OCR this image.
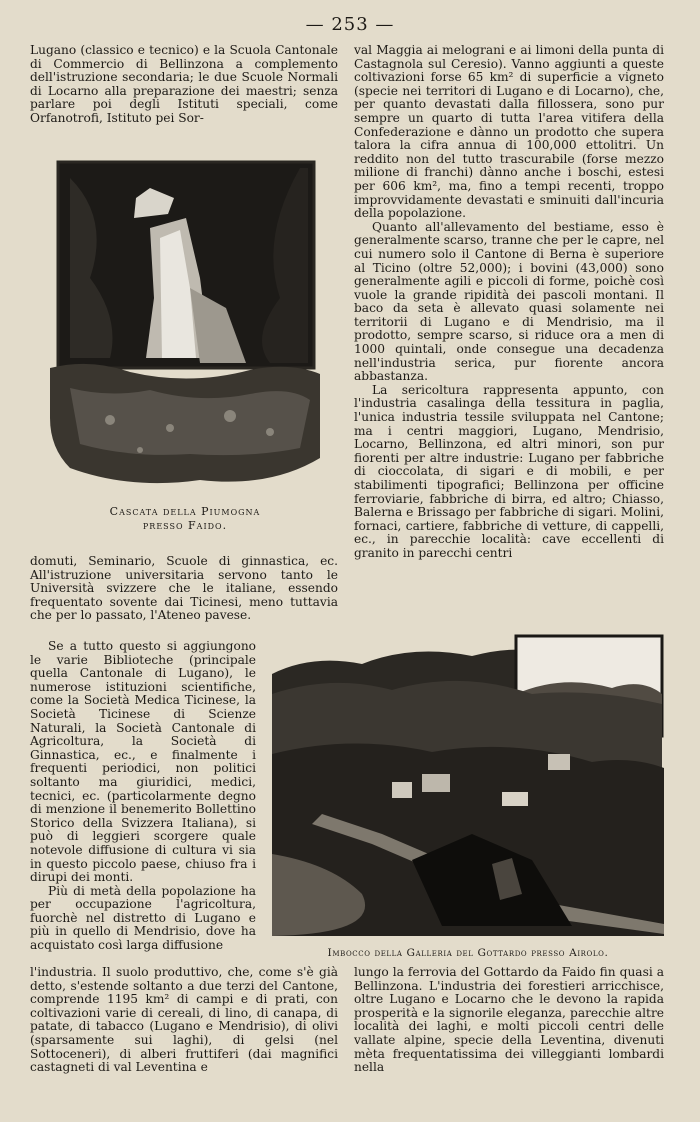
— 253 —

Lugano (classico e tecnico) e la Scuola Cantonale di Commercio di Bellinzona a complemento dell'istruzione secondaria; le due Scuole Normali di Locarno alla preparazione dei maestri; senza parlare poi degli Istituti speciali, come Orfanotrofi, Istituto pei Sor-

Cascata della Piumogna
presso Faido.

val Maggia ai melograni e ai limoni della punta di Castagnola sul Ceresio). Vanno aggiunti a queste coltivazioni forse 65 km² di superficie a vigneto (specie nei territori di Lugano e di Locarno), che, per quanto devastati dalla fillossera, sono pur sempre un quarto di tutta l'area vitifera della Confederazione e dànno un prodotto che supera talora la cifra annua di 100,000 ettolitri. Un reddito non del tutto trascurabile (forse mezzo milione di franchi) dànno anche i boschi, estesi per 606 km², ma, fino a tempi recenti, troppo improvvidamente devastati e sminuiti dall'incuria della popolazione.

Quanto all'allevamento del bestiame, esso è generalmente scarso, tranne che per le capre, nel cui numero solo il Cantone di Berna è superiore al Ticino (oltre 52,000); i bovini (43,000) sono generalmente agili e piccoli di forme, poichè così vuole la grande ripidità dei pascoli montani. Il baco da seta è allevato quasi solamente nei territorii di Lugano e di Mendrisio, ma il prodotto, sempre scarso, si riduce ora a men di 1000 quintali, onde consegue una decadenza nell'industria serica, pur fiorente ancora abbastanza.

La sericoltura rappresenta appunto, con l'industria casalinga della tessitura in paglia, l'unica industria tessile sviluppata nel Cantone; ma i centri maggiori, Lugano, Mendrisio, Locarno, Bellinzona, ed altri minori, son pur fiorenti per altre industrie: Lugano per fabbriche di cioccolata, di sigari e di mobili, e per stabilimenti tipografici; Bellinzona per officine ferroviarie, fabbriche di birra, ed altro; Chiasso, Balerna e Brissago per fabbriche di sigari. Molini, fornaci, cartiere, fabbriche di vetture, di cappelli, ec., in parecchie località: cave eccellenti di granito in parecchi centri

domuti, Seminario, Scuole di ginnastica, ec. All'istruzione universitaria servono tanto le Università svizzere che le italiane, essendo frequentato sovente dai Ticinesi, meno tuttavia che per lo passato, l'Ateneo pavese.

Se a tutto questo si aggiungono le varie Biblioteche (principale quella Cantonale di Lugano), le numerose istituzioni scientifiche, come la Società Medica Ticinese, la Società Ticinese di Scienze Naturali, la Società Cantonale di Agricoltura, la Società di Ginnastica, ec., e finalmente i frequenti periodici, non politici soltanto ma giuridici, medici, tecnici, ec. (particolarmente degno di menzione il benemerito Bollettino Storico della Svizzera Italiana), si può di leggieri scorgere quale notevole diffusione di cultura vi sia in questo piccolo paese, chiuso fra i dirupi dei monti.

Più di metà della popolazione ha per occupazione l'agricoltura, fuorchè nel distretto di Lugano e più in quello di Mendrisio, dove ha acquistato così larga diffusione

Imbocco della Galleria del Gottardo presso Airolo.

l'industria. Il suolo produttivo, che, come s'è già detto, s'estende soltanto a due terzi del Cantone, comprende 1195 km² di campi e di prati, con coltivazioni varie di cereali, di lino, di canapa, di patate, di tabacco (Lugano e Mendrisio), di olivi (sparsamente sui laghi), di gelsi (nel Sottoceneri), di alberi fruttiferi (dai magnifici castagneti di val Leventina e

lungo la ferrovia del Gottardo da Faido fin quasi a Bellinzona. L'industria dei forestieri arricchisce, oltre Lugano e Locarno che le devono la rapida prosperità e la signorile eleganza, parecchie altre località dei laghi, e molti piccoli centri delle vallate alpine, specie della Leventina, divenuti mèta frequentatissima dei villeggianti lombardi nella
